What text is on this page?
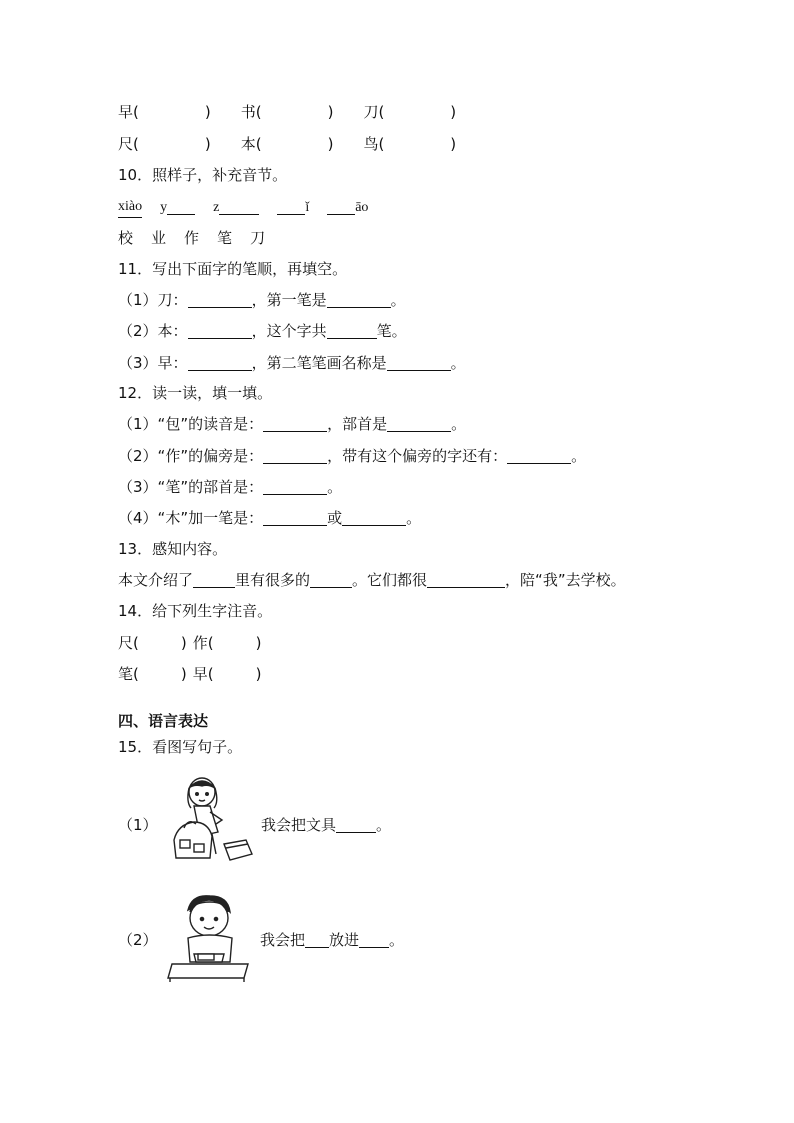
早(	) 书(	) 刀(	)
尺(	) 本(	) 鸟(	)
10．照样子，补充音节。
xiào y	z	ǐ	āo
校 业 作 笔 刀
11．写出下面字的笔顺，再填空。
（1） 刀：	，第一笔是	。
（2） 本：	，这个字共	笔。
（3） 早：	，第二笔笔画名称是	。
12．读一读，填一填。
（1） “包”的读音是：	，部首是	。
（2） “作”的偏旁是：	，带有这个偏旁的字还有：	。
（3） “笔”的部首是：	。
（4） “木”加一笔是：	或	。
13．感知内容。
本文介绍了	里有很多的	。它们都很	，陪“我”去学校。
14．给下列生字注音。
尺(	) 作(	)
笔(	) 早(	)
四、语言表达
15．看图写句子。
（1）	我会把文具	。
（2）	我会把 放进 。
